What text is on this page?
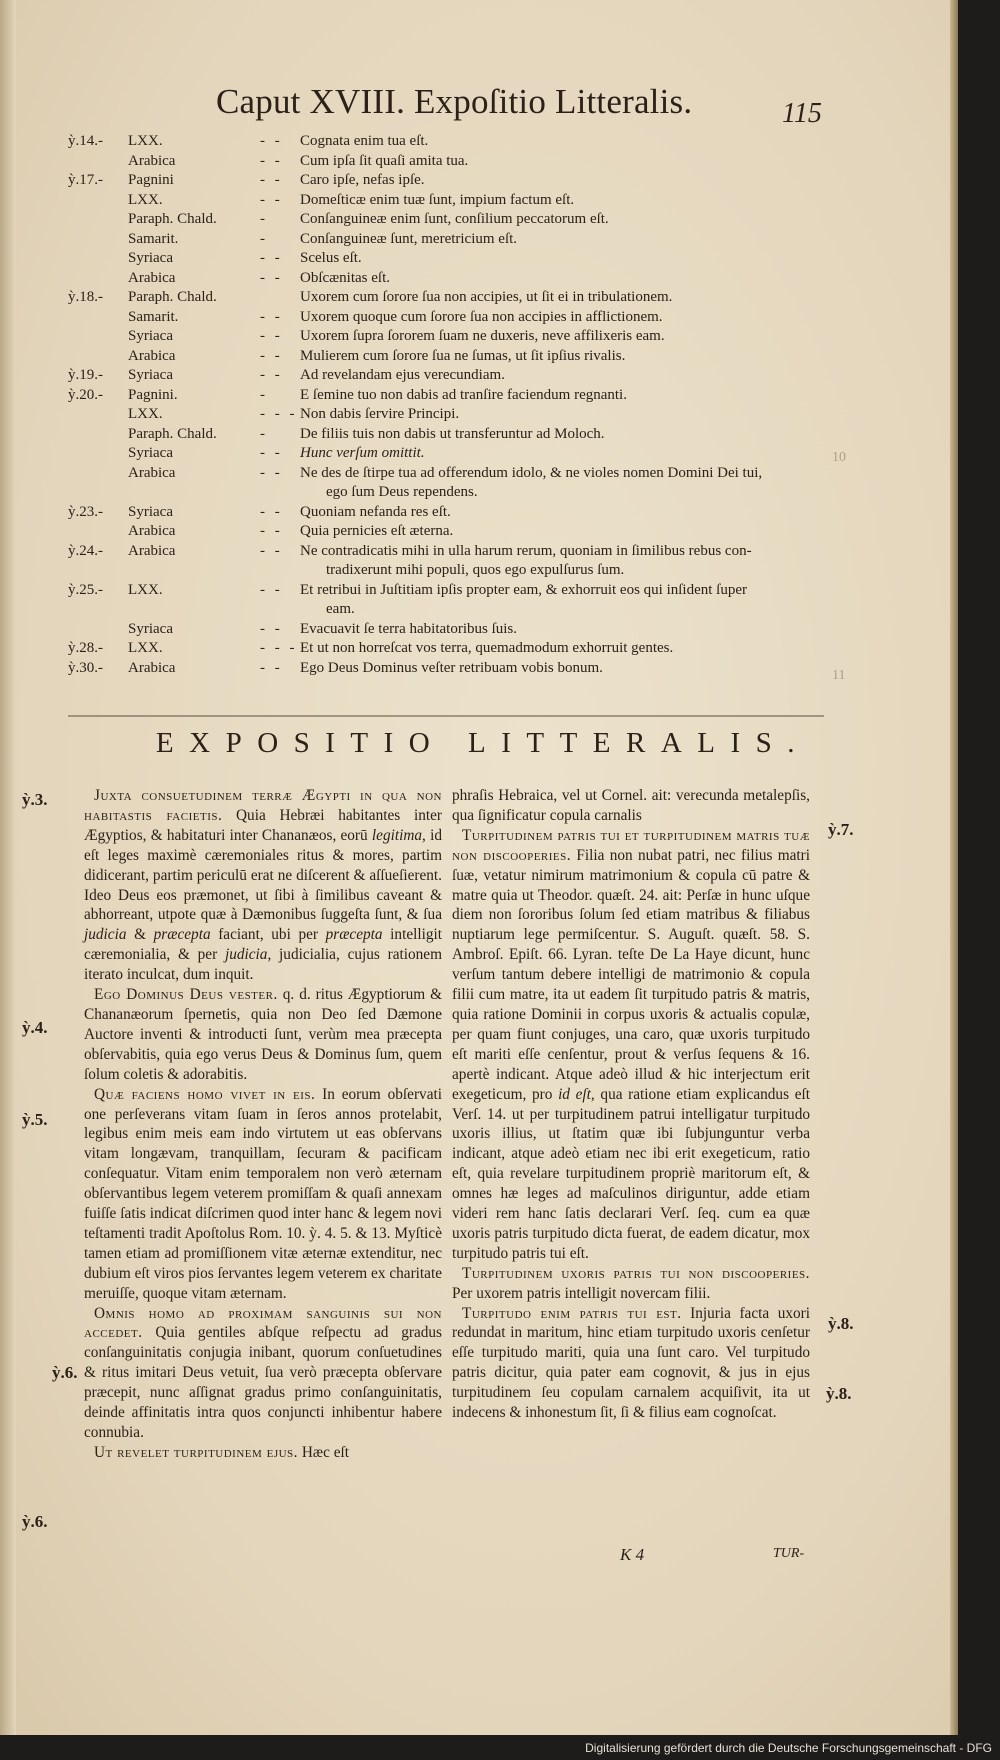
Caput XVIII. Expoſitio Litteralis.	115
ỳ.14.-	LXX.	- -	Cognata enim tua eſt.
Arabica	- -	Cum ipſa ſit quaſi amita tua.
ỳ.17.-	Pagnini	- -	Caro ipſe, nefas ipſe.
LXX.	- -	Domeſticæ enim tuæ ſunt, impium factum eſt.
Paraph. Chald.	-	Conſanguineæ enim ſunt, conſilium peccatorum eſt.
Samarit.	-	Conſanguineæ ſunt, meretricium eſt.
Syriaca	- -	Scelus eſt.
Arabica	- -	Obſcænitas eſt.
ỳ.18.-	Paraph. Chald.	Uxorem cum ſorore ſua non accipies, ut ſit ei in tribulationem.
Samarit.	- -	Uxorem quoque cum ſorore ſua non accipies in afflictionem.
Syriaca	- -	Uxorem ſupra ſororem ſuam ne duxeris, neve affilixeris eam.
Arabica	- -	Mulierem cum ſorore ſua ne ſumas, ut ſit ipſius rivalis.
ỳ.19.-	Syriaca	- -	Ad revelandam ejus verecundiam.
ỳ.20.-	Pagnini.	-	E ſemine tuo non dabis ad tranſire faciendum regnanti.
LXX.	- - - Non dabis ſervire Principi.
Paraph. Chald.	-	De filiis tuis non dabis ut transferuntur ad Moloch.
Syriaca	- -	Hunc verſum omittit.
Arabica	- -	Ne des de ſtirpe tua ad offerendum idolo, & ne violes nomen Domini Dei tui,
ego ſum Deus rependens.
ỳ.23.-	Syriaca	- -	Quoniam nefanda res eſt.
Arabica	- -	Quia pernicies eſt æterna.
ỳ.24.-	Arabica	- -	Ne contradicatis mihi in ulla harum rerum, quoniam in ſimilibus rebus con-
tradixerunt mihi populi, quos ego expulſurus ſum.
ỳ.25.-	LXX.	- -	Et retribui in Juſtitiam ipſis propter eam, & exhorruit eos qui inſident ſuper
eam.
Syriaca	- -	Evacuavit ſe terra habitatoribus ſuis.
ỳ.28.-	LXX.	- - - Et ut non horreſcat vos terra, quemadmodum exhorruit gentes.
ỳ.30.-	Arabica	- -	Ego Deus Dominus veſter retribuam vobis bonum.
10
11
EXPOSITIO LITTERALIS.

Juxta consuetudinem terræ Ægypti in qua non habitastis facietis. Quia Hebræi habitantes inter Ægyptios, & habitaturi inter Chananæos, eorū legitima, id eſt leges maximè cæremoniales ritus & mores, partim didicerant, partim periculū erat ne diſcerent & aſſueſierent. Ideo Deus eos præmonet, ut ſibi à ſimilibus caveant & abhorreant, utpote quæ à Dæmonibus ſuggeſta ſunt, & ſua judicia & præcepta faciant, ubi per præcepta intelligit cæremonialia, & per judicia, judicialia, cujus rationem iterato inculcat, dum inquit.

Ego Dominus Deus vester. q. d. ritus Ægyptiorum & Chananæorum ſpernetis, quia non Deo ſed Dæmone Auctore inventi & introducti ſunt, verùm mea præcepta obſervabitis, quia ego verus Deus & Dominus ſum, quem ſolum coletis & adorabitis.

Quæ faciens homo vivet in eis. In eorum obſervati one perſeverans vitam ſuam in ſeros annos protelabit, legibus enim meis eam indo virtutem ut eas obſervans vitam longævam, tranquillam, ſecuram & pacificam conſequatur. Vitam enim temporalem non verò æternam obſervantibus legem veterem promiſſam & quaſi annexam fuiſſe ſatis indicat diſcrimen quod inter hanc & legem novi teſtamenti tradit Apoſtolus Rom. 10. ỳ. 4. 5. & 13. Myſticè tamen etiam ad promiſſionem vitæ æternæ extenditur, nec dubium eſt viros pios ſervantes legem veterem ex charitate meruiſſe, quoque vitam æternam.

Omnis homo ad proximam sanguinis sui non accedet. Quia gentiles abſque reſpectu ad gradus conſanguinitatis conjugia inibant, quorum conſuetudines & ritus imitari Deus vetuit, ſua verò præcepta obſervare præcepit, nunc aſſignat gradus primo conſanguinitatis, deinde affinitatis intra quos conjuncti inhibentur habere connubia.

Ut revelet turpitudinem ejus. Hæc eſt

phraſis Hebraica, vel ut Cornel. ait: verecunda metalepſis, qua ſignificatur copula carnalis

Turpitudinem patris tui et turpitudinem matris tuæ non discooperies. Filia non nubat patri, nec filius matri ſuæ, vetatur nimirum matrimonium & copula cū patre & matre quia ut Theodor. quæſt. 24. ait: Perſæ in hunc uſque diem non ſororibus ſolum ſed etiam matribus & filiabus nuptiarum lege permiſcentur. S. Auguſt. quæſt. 58. S. Ambroſ. Epiſt. 66. Lyran. teſte De La Haye dicunt, hunc verſum tantum debere intelligi de matrimonio & copula filii cum matre, ita ut eadem ſit turpitudo patris & matris, quia ratione Dominii in corpus uxoris & actualis copulæ, per quam fiunt conjuges, una caro, quæ uxoris turpitudo eſt mariti eſſe cenſentur, prout & verſus ſequens & 16. apertè indicant. Atque adeò illud & hic interjectum erit exegeticum, pro id eſt, qua ratione etiam explicandus eſt Verſ. 14. ut per turpitudinem patrui intelligatur turpitudo uxoris illius, ut ſtatim quæ ibi ſubjunguntur verba indicant, atque adeò etiam nec ibi erit exegeticum, ratio eſt, quia revelare turpitudinem propriè maritorum eſt, & omnes hæ leges ad maſculinos diriguntur, adde etiam videri rem hanc ſatis declarari Verſ. ſeq. cum ea quæ uxoris patris turpitudo dicta fuerat, de eadem dicatur, mox turpitudo patris tui eſt.

Turpitudinem uxoris patris tui non discooperies. Per uxorem patris intelligit novercam filii.

Turpitudo enim patris tui est. Injuria facta uxori redundat in maritum, hinc etiam turpitudo uxoris cenſetur eſſe turpitudo mariti, quia una ſunt caro. Vel turpitudo patris dicitur, quia pater eam cognovit, & jus in ejus turpitudinem ſeu copulam carnalem acquiſivit, ita ut indecens & inhonestum ſit, ſi & filius eam cognoſcat.

ỳ.3.
ỳ.4.
ỳ.5.
ỳ.6.
ỳ.6.
ỳ.7.
ỳ.8.
ỳ.8.
K 4	TUR-
Digitalisierung gefördert durch die Deutsche Forschungsgemeinschaft - DFG
